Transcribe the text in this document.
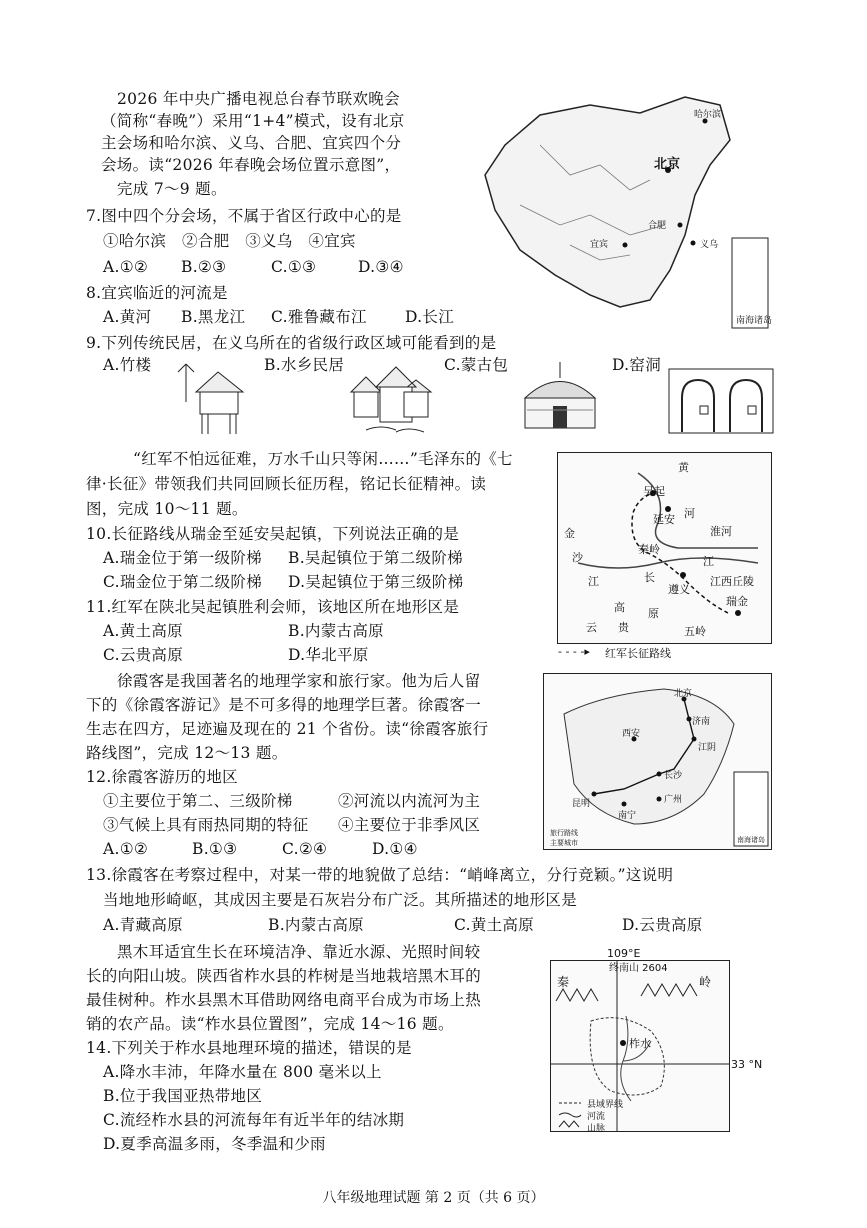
2026 年中央广播电视总台春节联欢晚会
（简称“春晚”）采用“1+4”模式，设有北京
主会场和哈尔滨、义乌、合肥、宜宾四个分
会场。读“2026 年春晚会场位置示意图”，
完成 7～9 题。
北京
哈尔滨
宜宾
合肥
义乌
南海诸岛
7.图中四个分会场，不属于省区行政中心的是
①哈尔滨　②合肥　③义乌　④宜宾
A.①② B.②③	C.①③	D.③④
8.宜宾临近的河流是
A.黄河 B.黑龙江 C.雅鲁藏布江 D.长江
9.下列传统民居，在义乌所在的省级行政区域可能看到的是
A.竹楼	B.水乡民居	C.蒙古包	D.窑洞
“红军不怕远征难，万水千山只等闲……”毛泽东的《七
律·长征》带领我们共同回顾长征历程，铭记长征精神。读
图，完成 10～11 题。
黄
吴起
延安 河
淮河
金
秦岭
沙
长
江
遵义
江西丘陵
江
瑞金
高 原
云 贵	五岭
- - - -▸ 红军长征路线
10.长征路线从瑞金至延安吴起镇，下列说法正确的是
A.瑞金位于第一级阶梯 B.吴起镇位于第二级阶梯
C.瑞金位于第二级阶梯 D.吴起镇位于第三级阶梯
11.红军在陕北吴起镇胜利会师，该地区所在地形区是
A.黄土高原	B.内蒙古高原
C.云贵高原	D.华北平原
徐霞客是我国著名的地理学家和旅行家。他为后人留
下的《徐霞客游记》是不可多得的地理学巨著。徐霞客一
生志在四方，足迹遍及现在的 21 个省份。读“徐霞客旅行
路线图”，完成 12～13 题。
北京
济南
西安
江阴
长沙
昆明
南宁
广州
旅行路线
主要城市	南海诸岛
12.徐霞客游历的地区
①主要位于第二、三级阶梯	②河流以内流河为主
③气候上具有雨热同期的特征 ④主要位于非季风区
A.①②	B.①③	C.②④	D.①④
13.徐霞客在考察过程中，对某一带的地貌做了总结：“峭峰离立，分行竞颖。”这说明
当地地形崎岖，其成因主要是石灰岩分布广泛。其所描述的地形区是
A.青藏高原	B.内蒙古高原	C.黄土高原	D.云贵高原
黑木耳适宜生长在环境洁净、靠近水源、光照时间较
长的向阳山坡。陕西省柞水县的柞树是当地栽培黑木耳的
最佳树种。柞水县黑木耳借助网络电商平台成为市场上热
销的农产品。读“柞水县位置图”，完成 14～16 题。
109°E
终南山 2604
秦	岭
柞水
县域界线
河流
山脉
33 °N
14.下列关于柞水县地理环境的描述，错误的是
A.降水丰沛，年降水量在 800 毫米以上
B.位于我国亚热带地区
C.流经柞水县的河流每年有近半年的结冰期
D.夏季高温多雨，冬季温和少雨
八年级地理试题 第 2 页（共 6 页）
